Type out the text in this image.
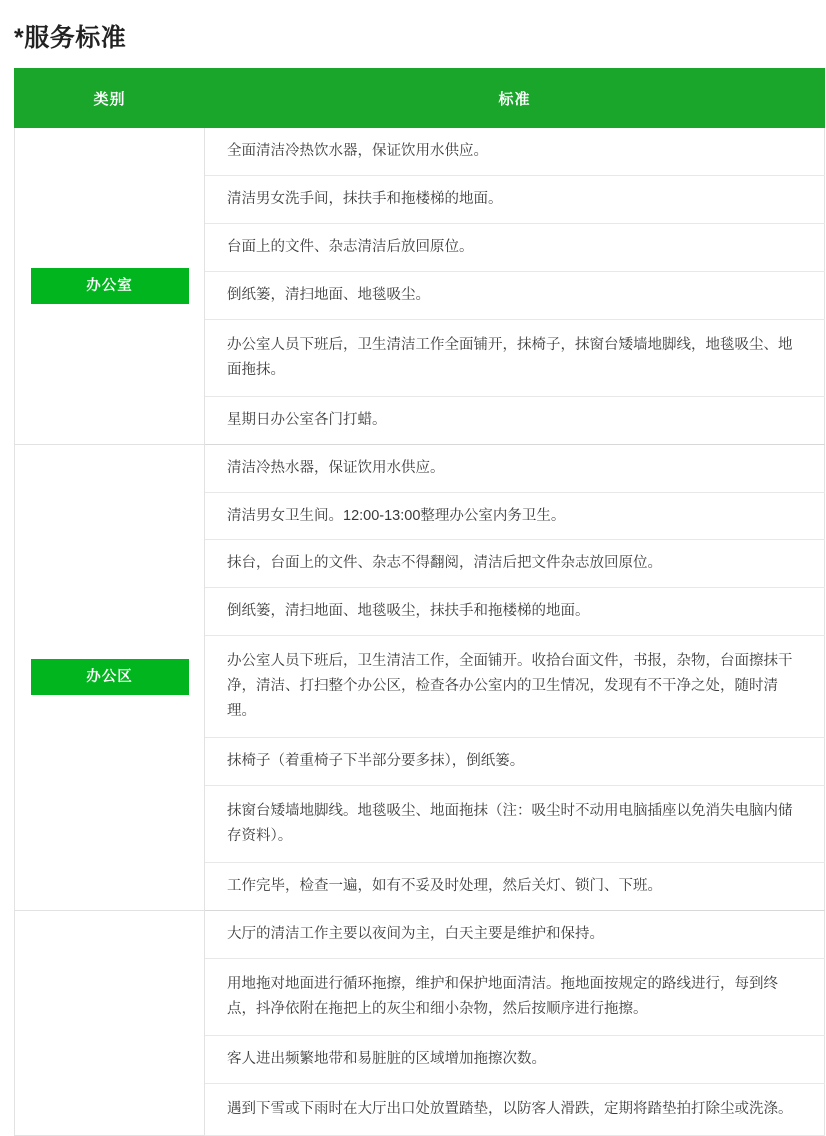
*服务标准
类别	标准

办公室	全面清洁冷热饮水器，保证饮用水供应。
	清洁男女洗手间，抹扶手和拖楼梯的地面。
	台面上的文件、杂志清洁后放回原位。
	倒纸篓，清扫地面、地毯吸尘。
	办公室人员下班后，卫生清洁工作全面铺开，抹椅子，抹窗台矮墙地脚线，地毯吸尘、地面拖抹。
	星期日办公室各门打蜡。

办公区	清洁冷热水器，保证饮用水供应。
	清洁男女卫生间。12:00-13:00整理办公室内务卫生。
	抹台，台面上的文件、杂志不得翻阅，清洁后把文件杂志放回原位。
	倒纸篓，清扫地面、地毯吸尘，抹扶手和拖楼梯的地面。
	办公室人员下班后，卫生清洁工作，全面铺开。收拾台面文件，书报，杂物，台面擦抹干净，清洁、打扫整个办公区，检查各办公室内的卫生情况，发现有不干净之处，随时清理。
	抹椅子（着重椅子下半部分要多抹），倒纸篓。
	抹窗台矮墙地脚线。地毯吸尘、地面拖抹（注：吸尘时不动用电脑插座以免消失电脑内储存资料）。
	工作完毕，检查一遍，如有不妥及时处理，然后关灯、锁门、下班。
	大厅的清洁工作主要以夜间为主，白天主要是维护和保持。
	用地拖对地面进行循环拖擦，维护和保护地面清洁。拖地面按规定的路线进行，每到终点，抖净依附在拖把上的灰尘和细小杂物，然后按顺序进行拖擦。
	客人进出频繁地带和易脏脏的区域增加拖擦次数。
	遇到下雪或下雨时在大厅出口处放置踏垫，以防客人滑跌，定期将踏垫拍打除尘或洗涤。
